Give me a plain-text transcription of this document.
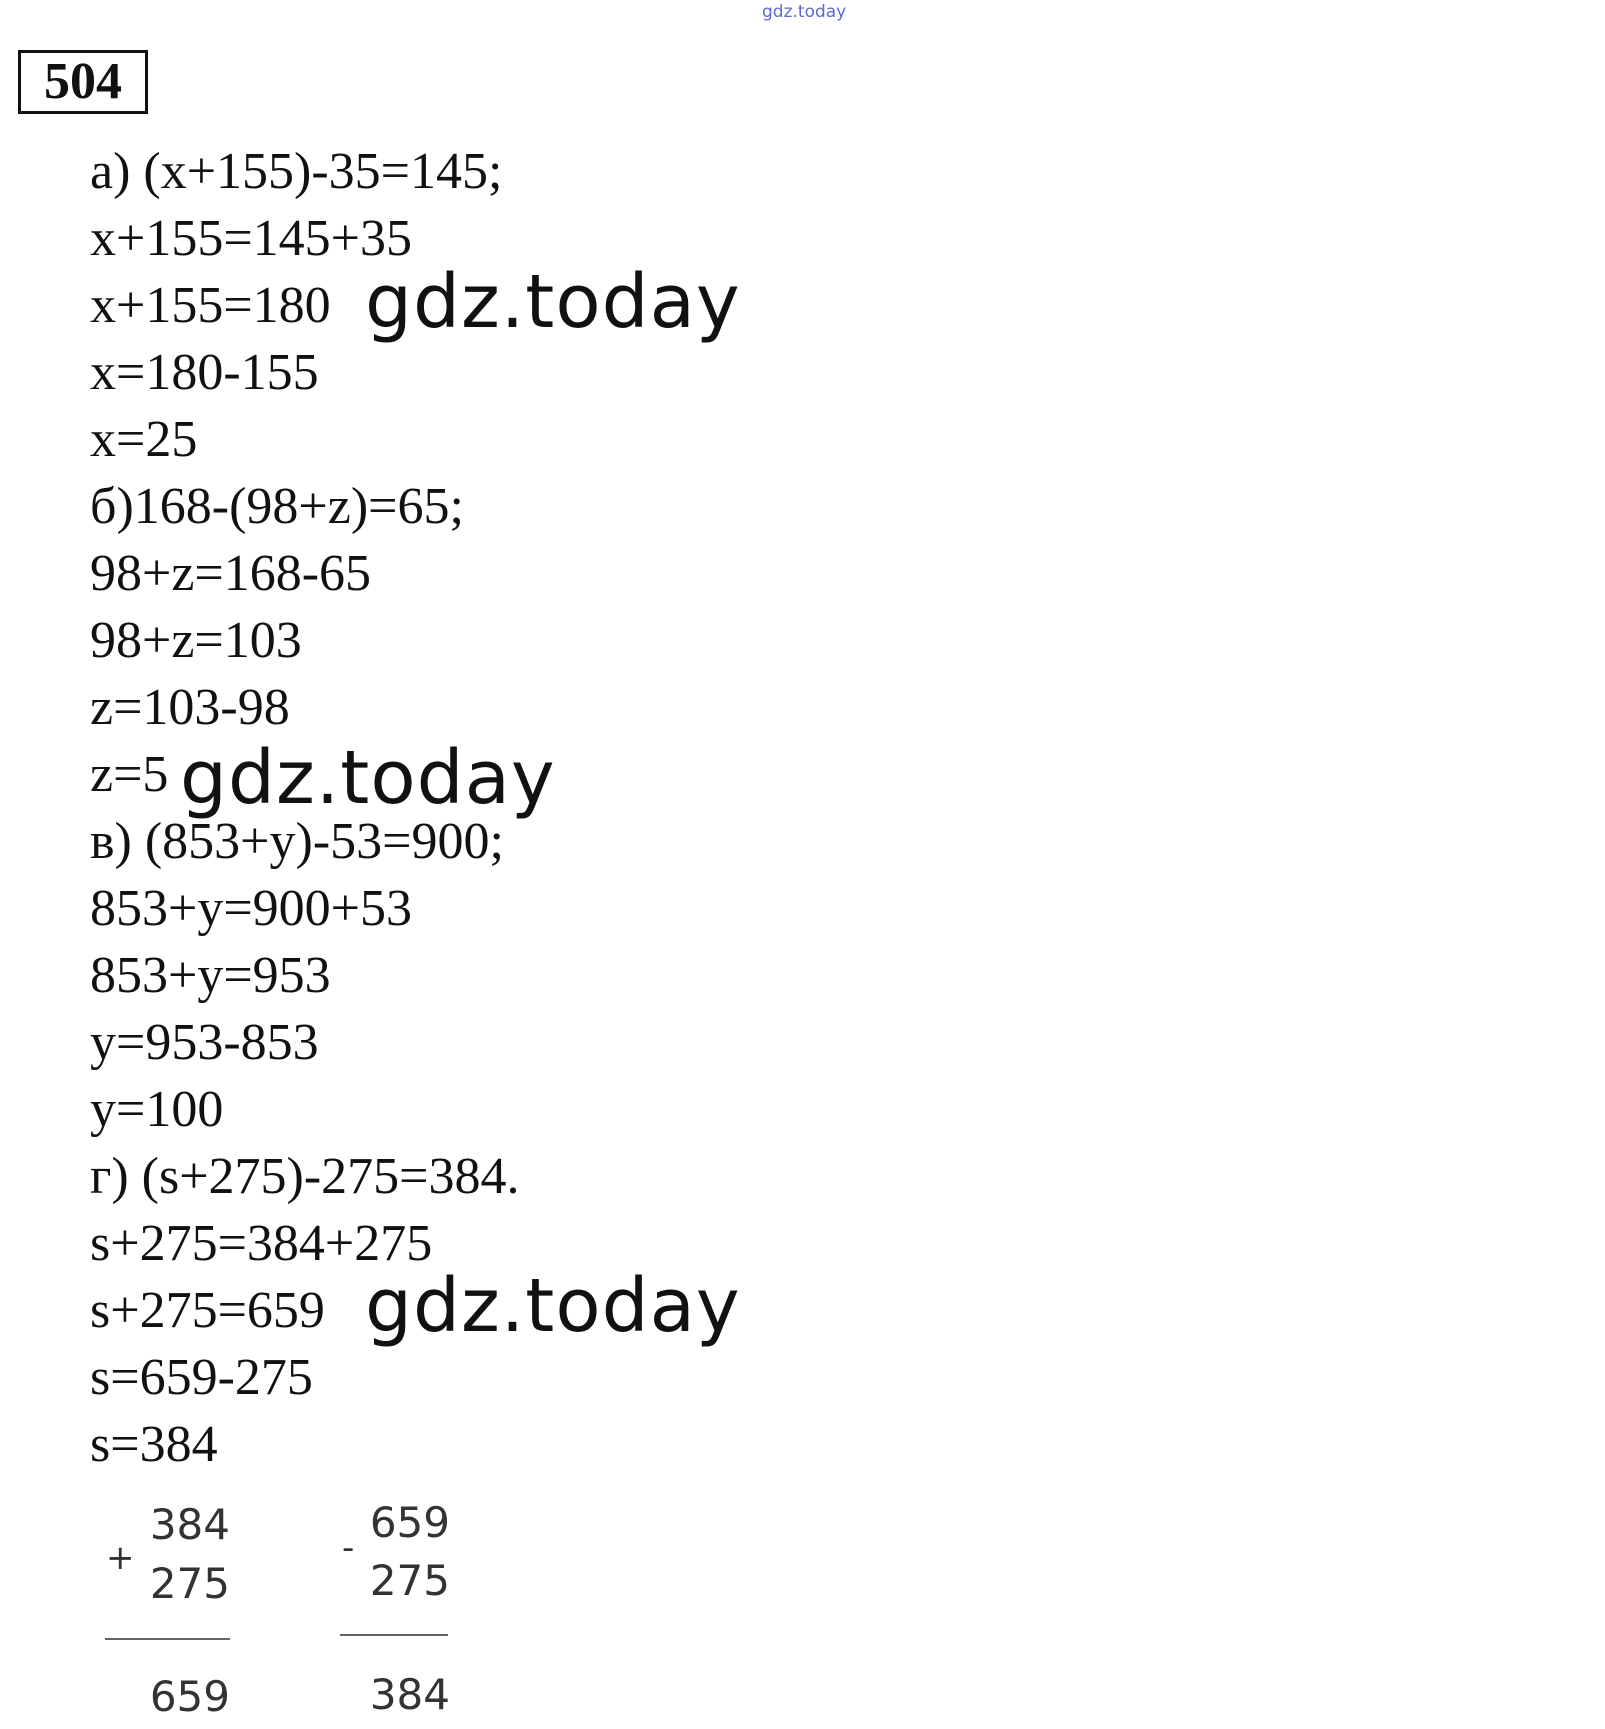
gdz.today
504
а) (x+155)-35=145;
x+155=145+35
x+155=180
x=180-155
x=25
б)168-(98+z)=65;
98+z=168-65
98+z=103
z=103-98
z=5
в) (853+y)-53=900;
853+y=900+53
853+y=953
y=953-853
y=100
г) (s+275)-275=384.
s+275=384+275
s+275=659
s=659-275
s=384
gdz.today
gdz.today
gdz.today
+
384
275
659
-
659
275
384
